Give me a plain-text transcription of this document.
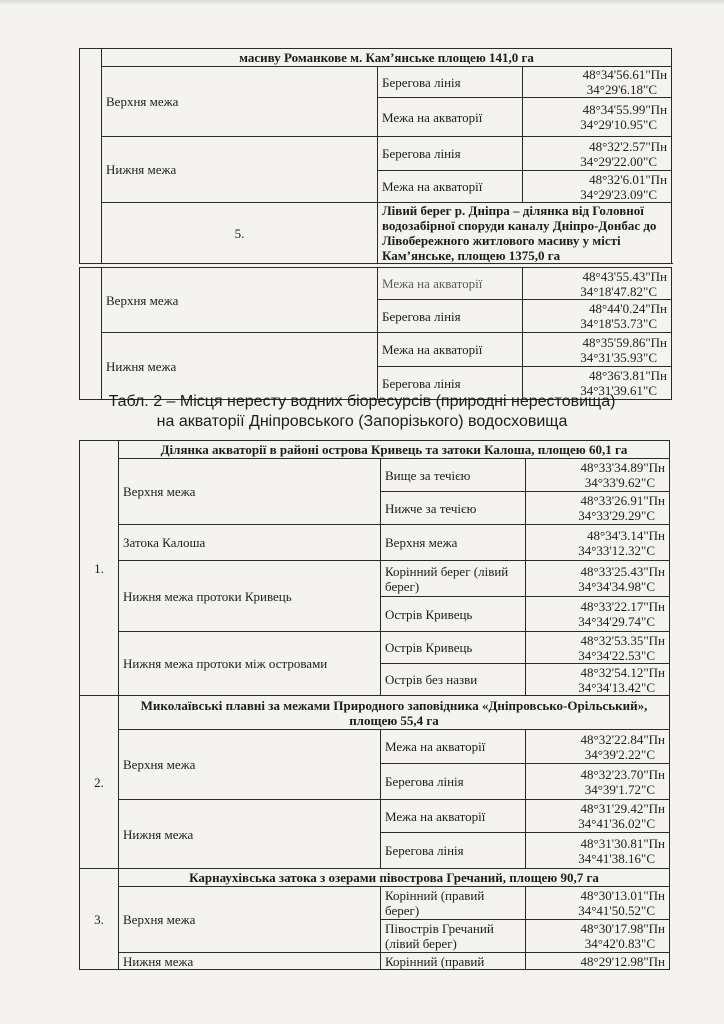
	масиву Романкове м. Кам’янське площею 141,0 га		
	Верхня межа	Берегова лінія	48°34'56.61"Пн
34°29'6.18"С

		Межа на акваторії	48°34'55.99"Пн
34°29'10.95"С

	Нижня межа	Берегова лінія	48°32'2.57"Пн
34°29'22.00"С

		Межа на акваторії	48°32'6.01"Пн
34°29'23.09"С

	5.	Лівий берег р. Дніпра – ділянка від Головної водозабірної споруди каналу Дніпро-Донбас до Лівобережного житлового масиву у місті Кам’янське, площею 1375,0 га	
	Верхня межа	Межа на акваторії	48°43'55.43"Пн
34°18'47.82"С

		Берегова лінія	48°44'0.24"Пн
34°18'53.73"С

	Нижня межа	Межа на акваторії	48°35'59.86"Пн
34°31'35.93"С

		Берегова лінія	48°36'3.81"Пн
34°31'39.61"С
Табл. 2 – Місця нересту водних біоресурсів (природні нерестовища)
на акваторії Дніпровського (Запорізького) водосховища
1.	Ділянка акваторії в районі острова Кривець та затоки Калоша, площею 60,1 га		
	Верхня межа	Вище за течією	48°33'34.89"Пн
34°33'9.62"С

		Нижче за течією	48°33'26.91"Пн
34°33'29.29"С

	Затока Калоша	Верхня межа	48°34'3.14"Пн
34°33'12.32"С

	Нижня межа протоки Кривець	Корінний берег (лівий берег)	48°33'25.43"Пн
34°34'34.98"С

		Острів Кривець	48°33'22.17"Пн
34°34'29.74"С

	Нижня межа протоки між островами	Острів Кривець	48°32'53.35"Пн
34°34'22.53"С

		Острів без назви	48°32'54.12"Пн
34°34'13.42"С

2.	Миколаївські плавні за межами Природного заповідника «Дніпровсько-Орільський», площею 55,4 га		
	Верхня межа	Межа на акваторії	48°32'22.84"Пн
34°39'2.22"С

		Берегова лінія	48°32'23.70"Пн
34°39'1.72"С

	Нижня межа	Межа на акваторії	48°31'29.42"Пн
34°41'36.02"С

		Берегова лінія	48°31'30.81"Пн
34°41'38.16"С

3.	Карнаухівська затока з озерами півострова Гречаний, площею 90,7 га		
	Верхня межа	Корінний (правий берег)	48°30'13.01"Пн
34°41'50.52"С

		Півострів Гречаний (лівий берег)	48°30'17.98"Пн
34°42'0.83"С

	Нижня межа	Корінний (правий	48°29'12.98"Пн
